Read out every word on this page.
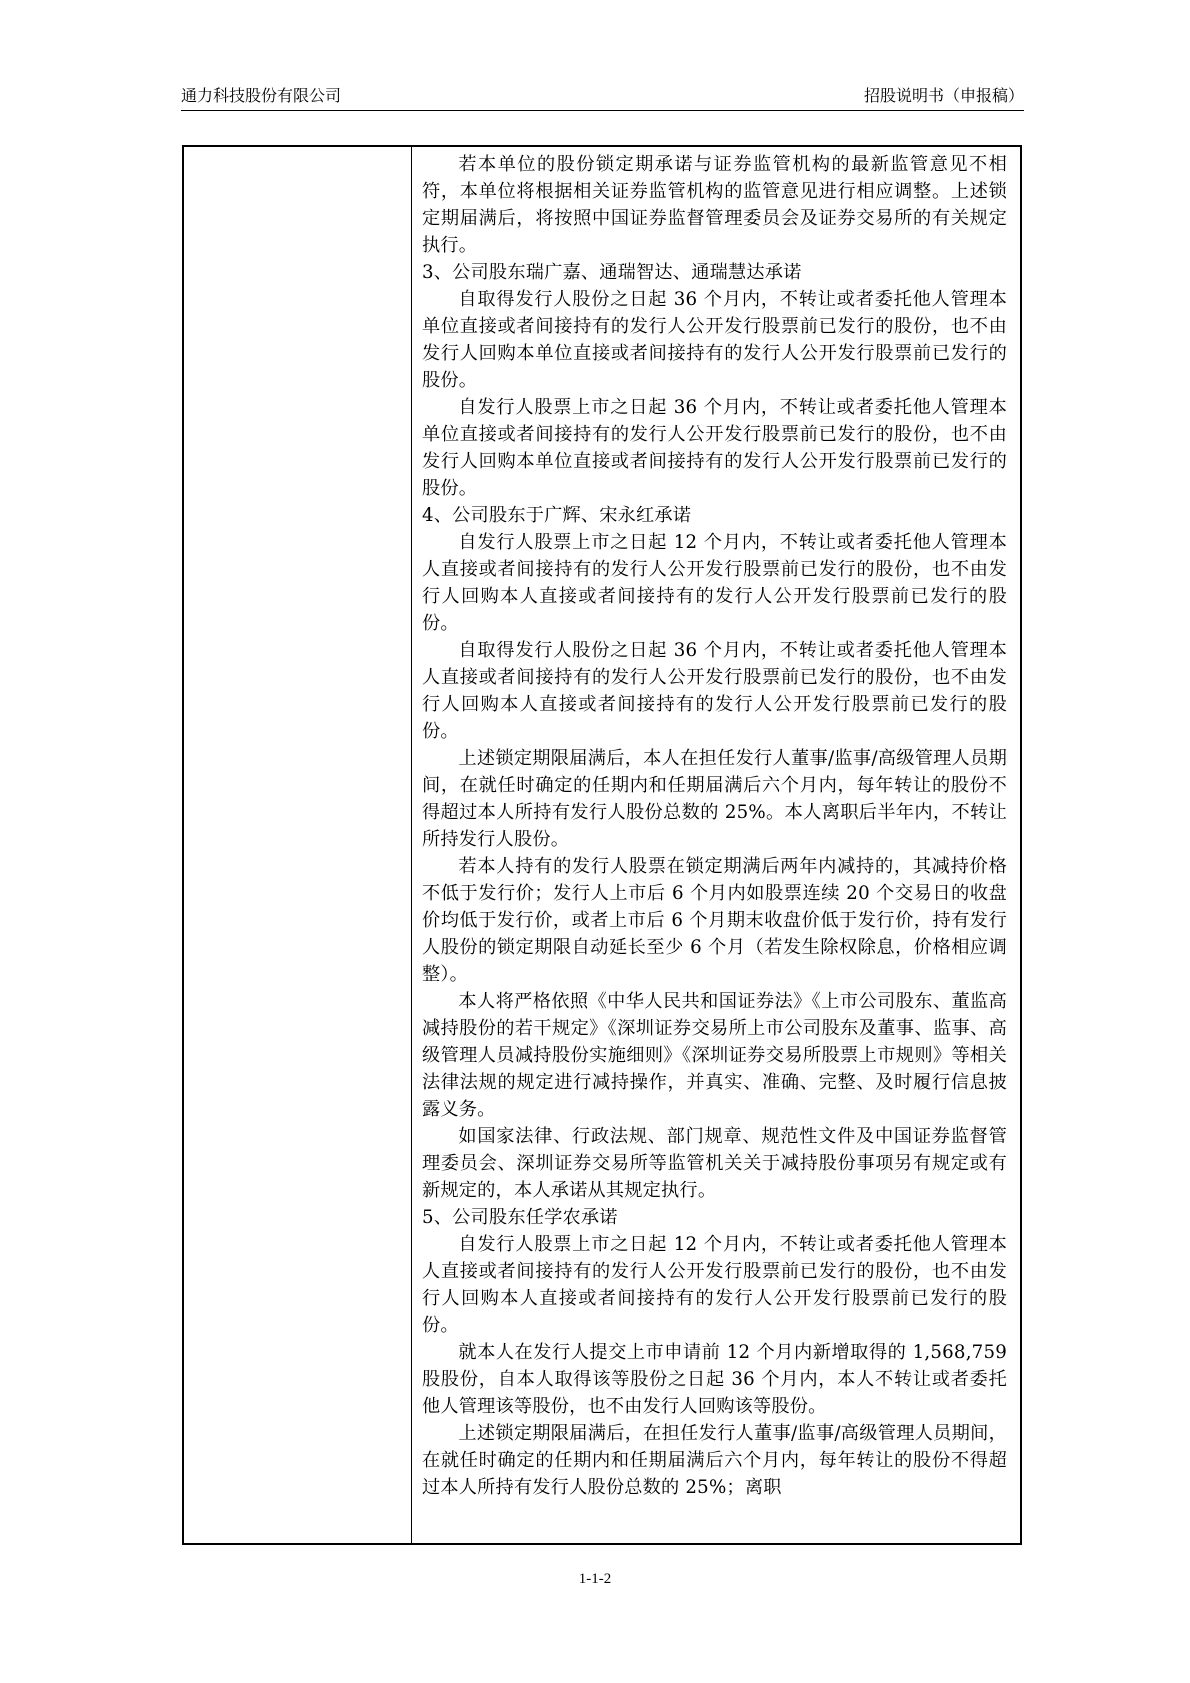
通力科技股份有限公司	招股说明书（申报稿）

若本单位的股份锁定期承诺与证券监管机构的最新监管意见不相符，本单位将根据相关证券监管机构的监管意见进行相应调整。上述锁定期届满后，将按照中国证券监督管理委员会及证券交易所的有关规定执行。

3、公司股东瑞广嘉、通瑞智达、通瑞慧达承诺

自取得发行人股份之日起 36 个月内，不转让或者委托他人管理本单位直接或者间接持有的发行人公开发行股票前已发行的股份，也不由发行人回购本单位直接或者间接持有的发行人公开发行股票前已发行的股份。

自发行人股票上市之日起 36 个月内，不转让或者委托他人管理本单位直接或者间接持有的发行人公开发行股票前已发行的股份，也不由发行人回购本单位直接或者间接持有的发行人公开发行股票前已发行的股份。

4、公司股东于广辉、宋永红承诺

自发行人股票上市之日起 12 个月内，不转让或者委托他人管理本人直接或者间接持有的发行人公开发行股票前已发行的股份，也不由发行人回购本人直接或者间接持有的发行人公开发行股票前已发行的股份。

自取得发行人股份之日起 36 个月内，不转让或者委托他人管理本人直接或者间接持有的发行人公开发行股票前已发行的股份，也不由发行人回购本人直接或者间接持有的发行人公开发行股票前已发行的股份。

上述锁定期限届满后，本人在担任发行人董事/监事/高级管理人员期间，在就任时确定的任期内和任期届满后六个月内，每年转让的股份不得超过本人所持有发行人股份总数的 25%。本人离职后半年内，不转让所持发行人股份。

若本人持有的发行人股票在锁定期满后两年内减持的，其减持价格不低于发行价；发行人上市后 6 个月内如股票连续 20 个交易日的收盘价均低于发行价，或者上市后 6 个月期末收盘价低于发行价，持有发行人股份的锁定期限自动延长至少 6 个月（若发生除权除息，价格相应调整）。

本人将严格依照《中华人民共和国证券法》《上市公司股东、董监高减持股份的若干规定》《深圳证券交易所上市公司股东及董事、监事、高级管理人员减持股份实施细则》《深圳证券交易所股票上市规则》等相关法律法规的规定进行减持操作，并真实、准确、完整、及时履行信息披露义务。

如国家法律、行政法规、部门规章、规范性文件及中国证券监督管理委员会、深圳证券交易所等监管机关关于减持股份事项另有规定或有新规定的，本人承诺从其规定执行。

5、公司股东任学农承诺

自发行人股票上市之日起 12 个月内，不转让或者委托他人管理本人直接或者间接持有的发行人公开发行股票前已发行的股份，也不由发行人回购本人直接或者间接持有的发行人公开发行股票前已发行的股份。

就本人在发行人提交上市申请前 12 个月内新增取得的 1,568,759 股股份，自本人取得该等股份之日起 36 个月内，本人不转让或者委托他人管理该等股份，也不由发行人回购该等股份。

上述锁定期限届满后，在担任发行人董事/监事/高级管理人员期间，在就任时确定的任期内和任期届满后六个月内，每年转让的股份不得超过本人所持有发行人股份总数的 25%；离职

1-1-2
